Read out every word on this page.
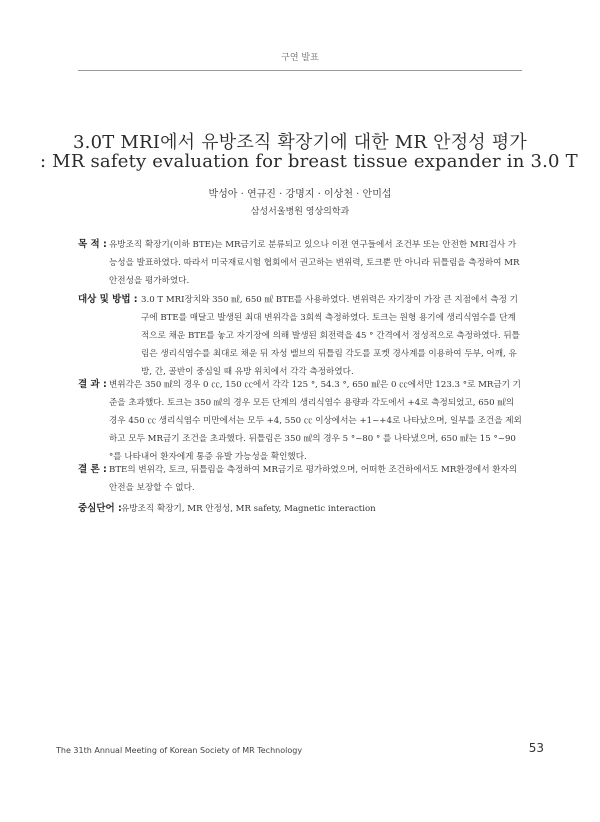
구연 발표
3.0T MRI에서 유방조직 확장기에 대한 MR 안정성 평가
: MR safety evaluation for breast tissue expander in 3.0 T
박성아 · 연규진 · 강명지 · 이상천 · 안미섭
삼성서울병원 영상의학과
목 적 : 유방조직 확장기(이하 BTE)는 MR금기로 분류되고 있으나 이전 연구들에서 조건부 또는 안전한 MRI검사 가능성을 발표하였다. 따라서 미국재료시험 협회에서 권고하는 변위력, 토크뿐 만 아니라 뒤틀림을 측정하여 MR 안전성을 평가하였다.
대상 및 방법 : 3.0 T MRI장치와 350 ㎖, 650 ㎖ BTE를 사용하였다. 변위력은 자기장이 가장 큰 지점에서 측정 기구에 BTE를 매달고 발생된 최대 변위각을 3회씩 측정하였다. 토크는 원형 용기에 생리식염수를 단계적으로 채운 BTE를 놓고 자기장에 의해 발생된 회전력을 45 ° 간격에서 정성적으로 측정하였다. 뒤틀림은 생리식염수를 최대로 채운 뒤 자성 밸브의 뒤틀림 각도를 포켓 경사계를 이용하여 두부, 어깨, 유방, 간, 골반이 중심일 때 유방 위치에서 각각 측정하였다.
결 과 : 변위각은 350 ㎖의 경우 0 ㏄, 150 ㏄에서 각각 125 °, 54.3 °, 650 ㎖은 0 ㏄에서만 123.3 °로 MR금기 기준을 초과했다. 토크는 350 ㎖의 경우 모든 단계의 생리식염수 용량과 각도에서 +4로 측정되었고, 650 ㎖의 경우 450 ㏄ 생리식염수 미만에서는 모두 +4, 550 ㏄ 이상에서는 +1~+4로 나타났으며, 일부를 조건을 제외하고 모두 MR금기 조건을 초과했다. 뒤틀림은 350 ㎖의 경우 5 °~80 ° 를 나타냈으며, 650 ㎖는 15 °~90 °를 나타내어 환자에게 통증 유발 가능성을 확인했다.
결 론 : BTE의 변위각, 토크, 뒤틀림을 측정하여 MR금기로 평가하였으며, 어떠한 조건하에서도 MR환경에서 환자의 안전을 보장할 수 없다.
중심단어 : 유방조직 확장기, MR 안정성, MR safety, Magnetic interaction
The 31th Annual Meeting of Korean Society of MR Technology	53
